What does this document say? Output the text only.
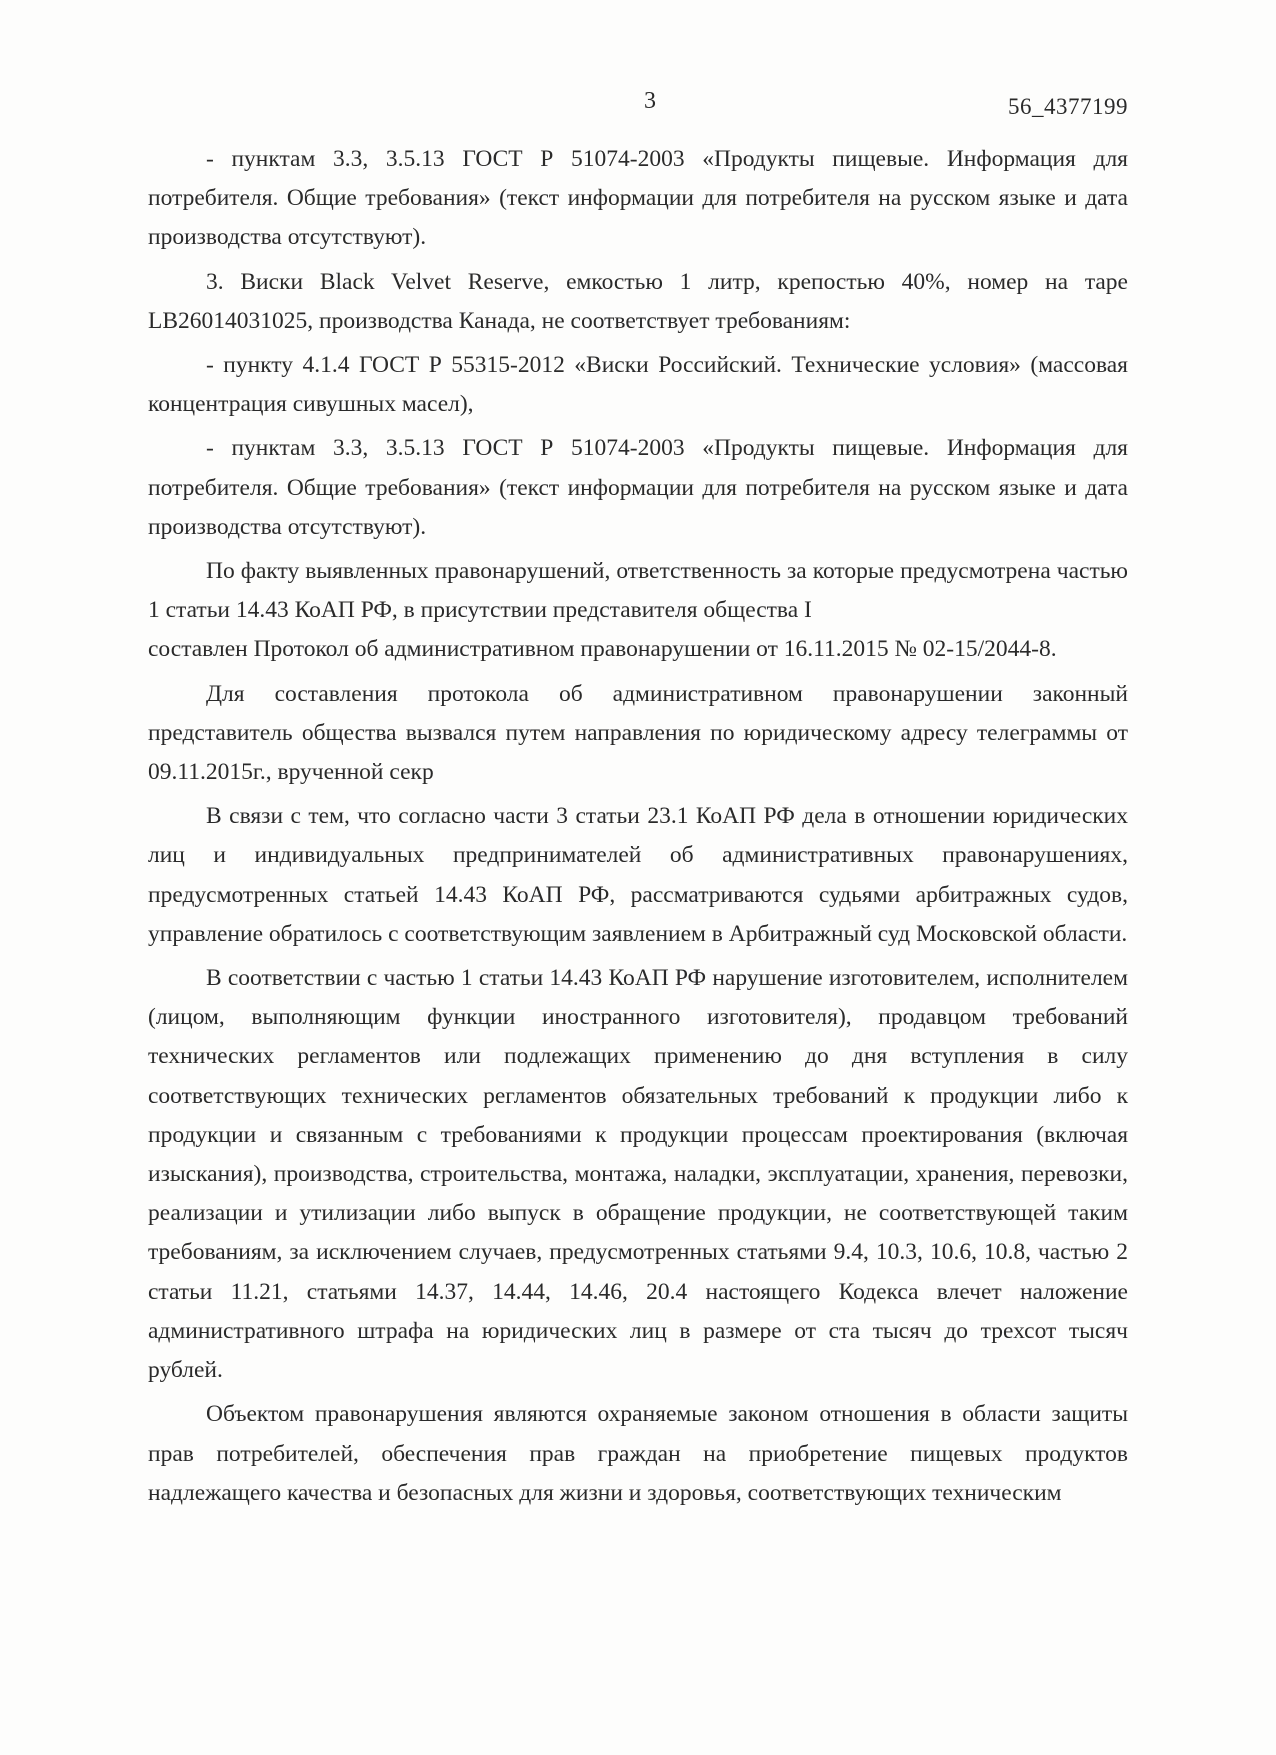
3	56_4377199

- пунктам 3.3, 3.5.13 ГОСТ Р 51074-2003 «Продукты пищевые. Информация для потребителя. Общие требования» (текст информации для потребителя на русском языке и дата производства отсутствуют).

3. Виски Black Velvet Reserve, емкостью 1 литр, крепостью 40%, номер на таре LB26014031025, производства Канада, не соответствует требованиям:

- пункту 4.1.4 ГОСТ Р 55315-2012 «Виски Российский. Технические условия» (массовая концентрация сивушных масел),

- пунктам 3.3, 3.5.13 ГОСТ Р 51074-2003 «Продукты пищевые. Информация для потребителя. Общие требования» (текст информации для потребителя на русском языке и дата производства отсутствуют).

По факту выявленных правонарушений, ответственность за которые предусмотрена частью 1 статьи 14.43 КоАП РФ, в присутствии представителя общества I

составлен Протокол об административном правонарушении от 16.11.2015 № 02-15/2044-8.

Для составления протокола об административном правонарушении законный представитель общества вызвался путем направления по юридическому адресу телеграммы от 09.11.2015г., врученной секр

В связи с тем, что согласно части 3 статьи 23.1 КоАП РФ дела в отношении юридических лиц и индивидуальных предпринимателей об административных правонарушениях, предусмотренных статьей 14.43 КоАП РФ, рассматриваются судьями арбитражных судов, управление обратилось с соответствующим заявлением в Арбитражный суд Московской области.

В соответствии с частью 1 статьи 14.43 КоАП РФ нарушение изготовителем, исполнителем (лицом, выполняющим функции иностранного изготовителя), продавцом требований технических регламентов или подлежащих применению до дня вступления в силу соответствующих технических регламентов обязательных требований к продукции либо к продукции и связанным с требованиями к продукции процессам проектирования (включая изыскания), производства, строительства, монтажа, наладки, эксплуатации, хранения, перевозки, реализации и утилизации либо выпуск в обращение продукции, не соответствующей таким требованиям, за исключением случаев, предусмотренных статьями 9.4, 10.3, 10.6, 10.8, частью 2 статьи 11.21, статьями 14.37, 14.44, 14.46, 20.4 настоящего Кодекса влечет наложение административного штрафа на юридических лиц в размере от ста тысяч до трехсот тысяч рублей.

Объектом правонарушения являются охраняемые законом отношения в области защиты прав потребителей, обеспечения прав граждан на приобретение пищевых продуктов надлежащего качества и безопасных для жизни и здоровья, соответствующих техническим
